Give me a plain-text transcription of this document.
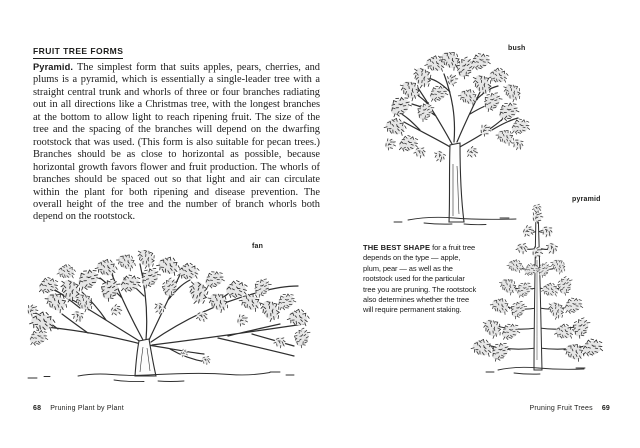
FRUIT TREE FORMS

Pyramid. The simplest form that suits apples, pears, cherries, and plums is a pyramid, which is essentially a single-leader tree with a straight central trunk and whorls of three or four branches radiating out in all directions like a Christmas tree, with the longest branches at the bottom to allow light to reach ripening fruit. The size of the tree and the spacing of the branches will depend on the dwarfing rootstock that was used. (This form is also suitable for pecan trees.) Branches should be as close to horizontal as possible, because horizontal growth favors flower and fruit production. The whorls of branches should be spaced out so that light and air can circulate within the plant for both ripening and disease prevention. The overall height of the tree and the number of branch whorls both depend on the rootstock.

fan
68 Pruning Plant by Plant
bush
THE BEST SHAPE for a fruit tree depends on the type — apple, plum, pear — as well as the rootstock used for the particular tree you are pruning. The rootstock also determines whether the tree will require permanent staking.
pyramid
Pruning Fruit Trees 69
